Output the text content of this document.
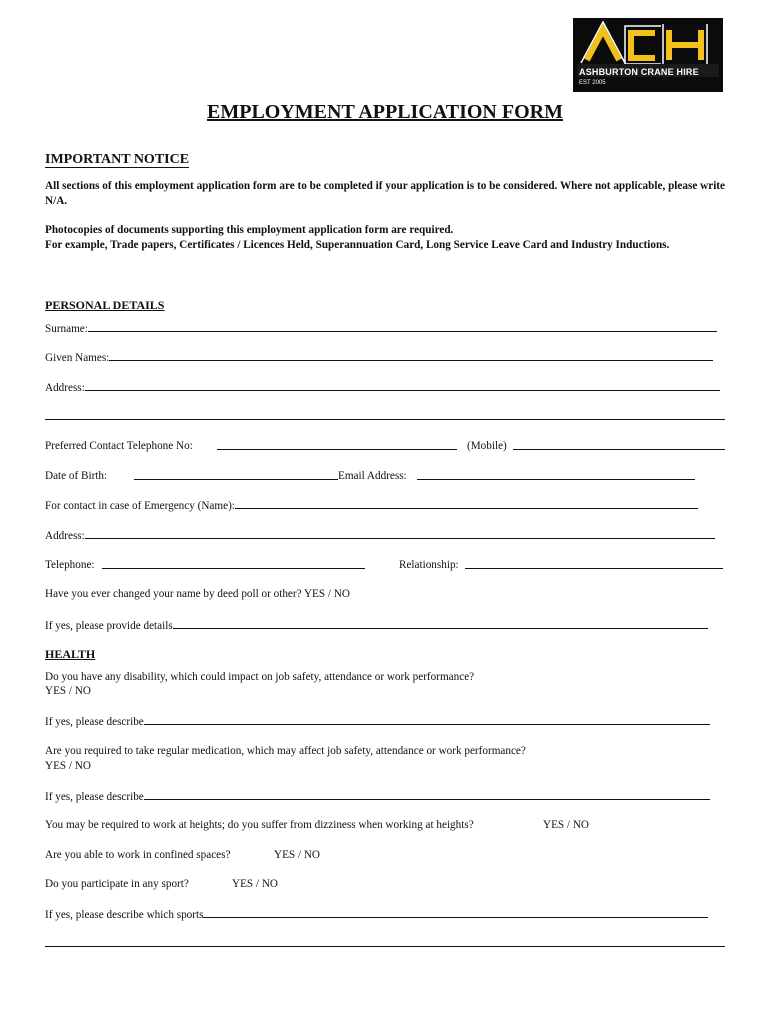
ASHBURTON CRANE HIRE
EST 2005
EMPLOYMENT APPLICATION FORM
IMPORTANT NOTICE
All sections of this employment application form are to be completed if your application is to be considered. Where not applicable, please write N/A.
Photocopies of documents supporting this employment application form are required.
For example, Trade papers, Certificates / Licences Held, Superannuation Card, Long Service Leave Card and Industry Inductions.
PERSONAL DETAILS
Surname:
Given Names:
Address:
Preferred Contact Telephone No:	(Mobile)
Date of Birth:	Email Address:
For contact in case of Emergency (Name):
Address:
Telephone:	Relationship:
Have you ever changed your name by deed poll or other? YES / NO
If yes, please provide details
HEALTH
Do you have any disability, which could impact on job safety, attendance or work performance?
YES / NO
If yes, please describe
Are you required to take regular medication, which may affect job safety, attendance or work performance?
YES / NO
If yes, please describe
You may be required to work at heights; do you suffer from dizziness when working at heights?	YES / NO
Are you able to work in confined spaces?	YES / NO
Do you participate in any sport?	YES / NO
If yes, please describe which sports
